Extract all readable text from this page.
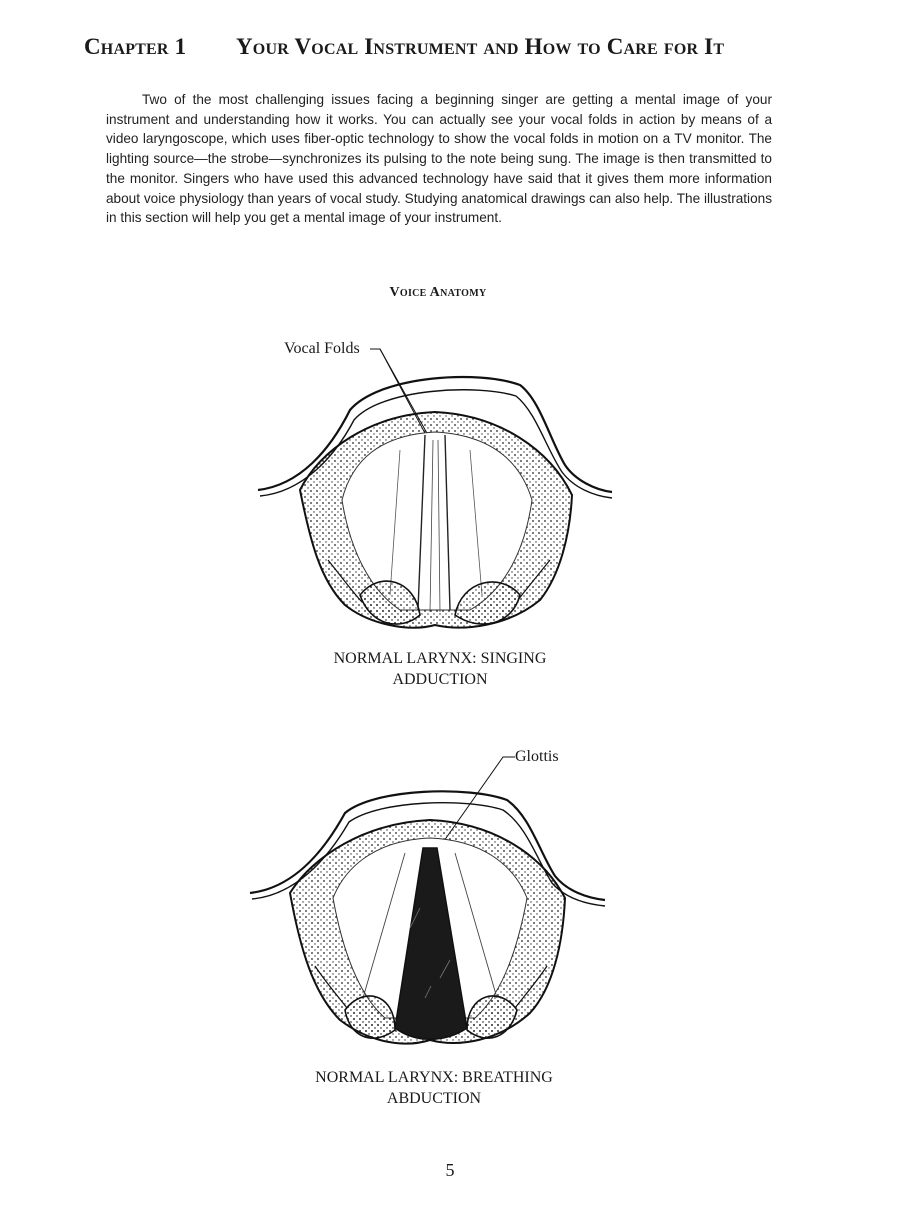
Chapter 1 Your Vocal Instrument and How to Care for It

Two of the most challenging issues facing a beginning singer are getting a mental image of your instrument and understanding how it works. You can actually see your vocal folds in action by means of a video laryngoscope, which uses fiber-optic technology to show the vocal folds in motion on a TV monitor. The lighting source—the strobe—synchronizes its pulsing to the note being sung. The image is then transmitted to the monitor. Singers who have used this advanced technology have said that it gives them more information about voice physiology than years of vocal study. Studying anatomical drawings can also help. The illustrations in this section will help you get a mental image of your instrument.

Voice Anatomy
Vocal Folds
NORMAL LARYNX: SINGING
ADDUCTION
Glottis
NORMAL LARYNX: BREATHING
ABDUCTION
5
